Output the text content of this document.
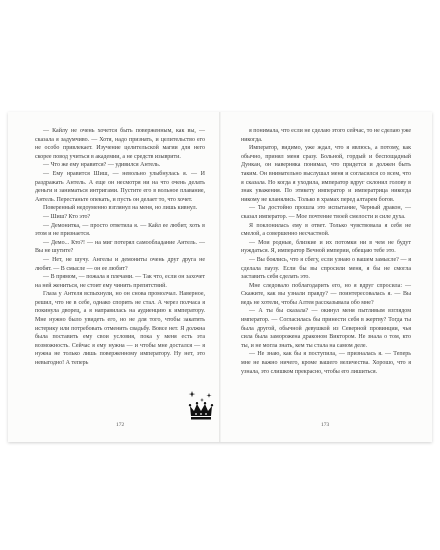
— Кайлу не очень хочется быть поверженным, как вы, — сказала я задумчиво. — Хотя, надо признать, и целительство его не особо привлекает. Изучение целительской магии для него скорее повод учиться в академии, а не средств изыврити.

— Что же ему нравится? — удивился Антель.

— Ему нравится Шиш, — невольно улыбнулась я. — И раздражать Антель. А еще он несмотря ни на что очень делать деньги и заниматься интригами. Пустите его в вольное плавание, Антель. Перестаньте опекать, и пусть он делает то, что хочет.

Поверенный недоуменно взглянул на меня, но лишь кивнул.

— Шиш? Кто это?

— Демонитка, — просто ответила я. — Кайл ее любит, хоть в этом и не признается.

— Демо... Кто?! — на миг потерял самообладание Антель. — Вы не шутите?

— Нет, не шучу. Ангелы и демониты очень друг друга не любят. — В смысле — он ее любит?

— В прямом, — пожала я плечами. — Так что, если он захочет на ней жениться, не стоит ему чинить препятствий.

Глаза у Антеля вспыхнули, но он снова промолчал. Наверное, решил, что не в себе, однако спорить не стал. А через полчаса я покинула дворец, а я направилась на аудиенцию к императору. Мне нужно было увидеть его, но не для того, чтобы закатить истерику или потребовать отменить свадьбу. Вовсе нет. Я должна была поставить ему свои условия, пока у меня есть эта возможность. Сейчас я ему нужна — и чтобы мне достался — я нужна не только лишь поверженному императору. Ну нет, это невыгодно! А теперь

172

я понимала, что если не сделаю этого сейчас, то не сделаю уже никогда.

Император, видимо, уже ждал, что я явлюсь, а потому, как обычно, принял меня сразу. Больной, гордый и беспощадный Дункан, он наверняка понимал, что придется и должен быть таким. Он внимательно выслушал меня и согласился со всем, что я сказала. Но когда я уходила, император вдруг склонил голову в знак уважения. По этикету император и императрица никогда никому не кланялись. Только в храмах перед алтарем богов.

— Ты достойно прошла это испытание, Черный дракон, — сказал император. — Мое почтение твоей смелости и силе духа.

Я поклонилась ему в ответ. Только чувствовала я себя не смелой, а совершенно несчастной.

— Мои родные, близкие и их потомки ни в чем не будут нуждаться. Я, император Вечной империи, обещаю тебе это.

— Вы боялись, что я сбегу, если узнаю о вашем замысле? — я сделала паузу. Если бы вы спросили меня, я бы не смогла заставить себя сделать это.

Мне следовало поблагодарить его, но я вдруг спросила: — Скажите, как вы узнали правду? — поинтересовалась я. — Вы ведь не хотели, чтобы Алтея рассказывала обо мне?

— А ты бы сказала? — окинул меня пытливым взглядом император. — Согласилась бы принести себя в жертву? Тогда ты была другой, обычной девушкой из Северной провинции, чья сила была заморожена драконом Виктором. Не знала о том, кто ты, и не могла знать, кем ты стала на самом деле.

— Не знаю, как бы я поступила, — призналась я. — Теперь мне не важно ничего, кроме вашего величества. Хорошо, что я узнала, это слишком прекрасно, чтобы его лишиться.

173
